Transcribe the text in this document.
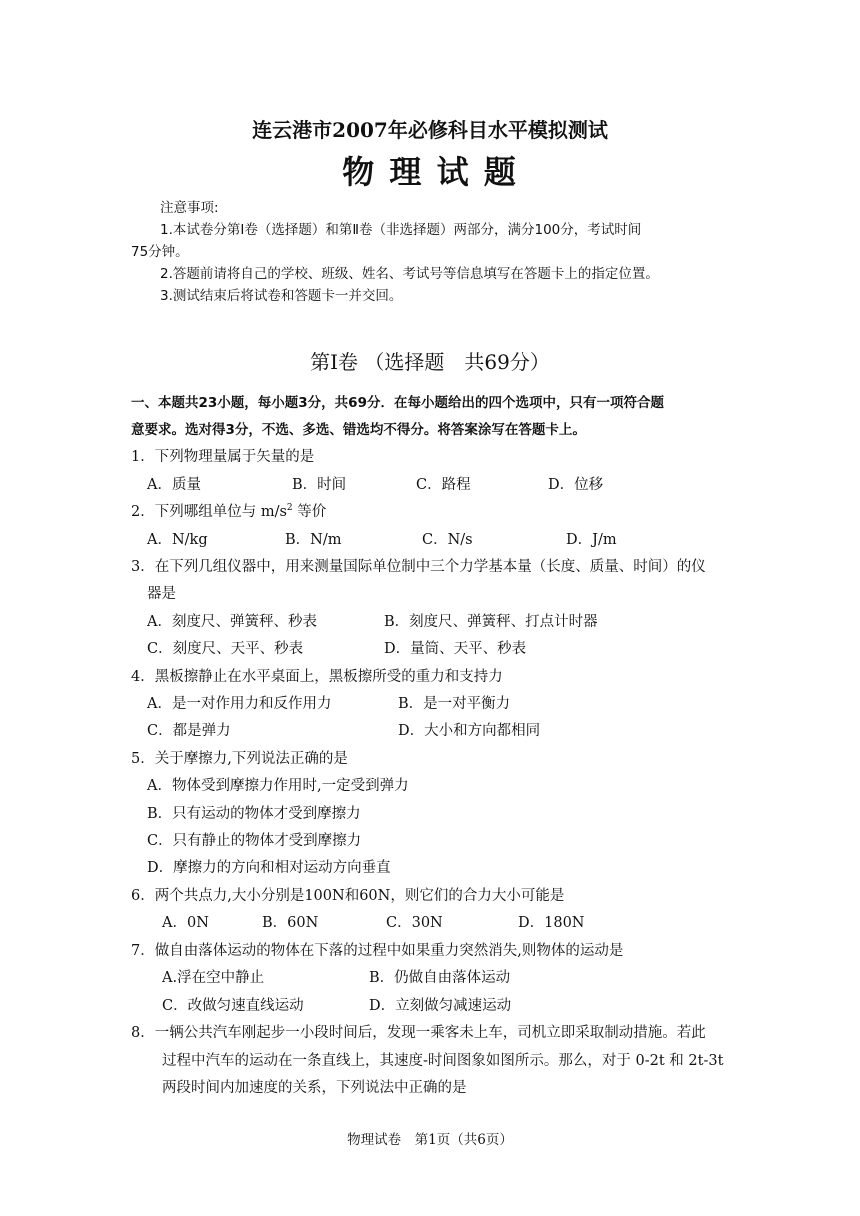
连云港市2007年必修科目水平模拟测试
物 理 试 题
注意事项:
1.本试卷分第Ⅰ卷（选择题）和第Ⅱ卷（非选择题）两部分，满分100分，考试时间
75分钟。
2.答题前请将自己的学校、班级、姓名、考试号等信息填写在答题卡上的指定位置。
3.测试结束后将试卷和答题卡一并交回。
第Ⅰ卷 （选择题　共69分）
一、本题共23小题，每小题3分，共69分．在每小题给出的四个选项中，只有一项符合题
意要求。选对得3分，不选、多选、错选均不得分。将答案涂写在答题卡上。
1．下列物理量属于矢量的是
A．质量	B．时间	C．路程	D．位移
2．下列哪组单位与 $m/s^2$ 等价
A．N/kg	B．N/m	C．N/s	D．J/m
3．在下列几组仪器中，用来测量国际单位制中三个力学基本量（长度、质量、时间）的仪
器是
A．刻度尺、弹簧秤、秒表	B．刻度尺、弹簧秤、打点计时器
C．刻度尺、天平、秒表	D．量筒、天平、秒表
4．黑板擦静止在水平桌面上，黑板擦所受的重力和支持力
A．是一对作用力和反作用力	B．是一对平衡力
C．都是弹力	D．大小和方向都相同
5．关于摩擦力,下列说法正确的是
A．物体受到摩擦力作用时,一定受到弹力
B．只有运动的物体才受到摩擦力
C．只有静止的物体才受到摩擦力
D．摩擦力的方向和相对运动方向垂直
6．两个共点力,大小分别是100N和60N，则它们的合力大小可能是
A．0N	B．60N	C．30N	D．180N
7．做自由落体运动的物体在下落的过程中如果重力突然消失,则物体的运动是
A.浮在空中静止	B．仍做自由落体运动
C．改做匀速直线运动	D．立刻做匀减速运动
8．一辆公共汽车刚起步一小段时间后，发现一乘客未上车，司机立即采取制动措施。若此
过程中汽车的运动在一条直线上，其速度-时间图象如图所示。那么，对于 0-2t 和 2t-3t
两段时间内加速度的关系，下列说法中正确的是
物理试卷　第1页（共6页）
